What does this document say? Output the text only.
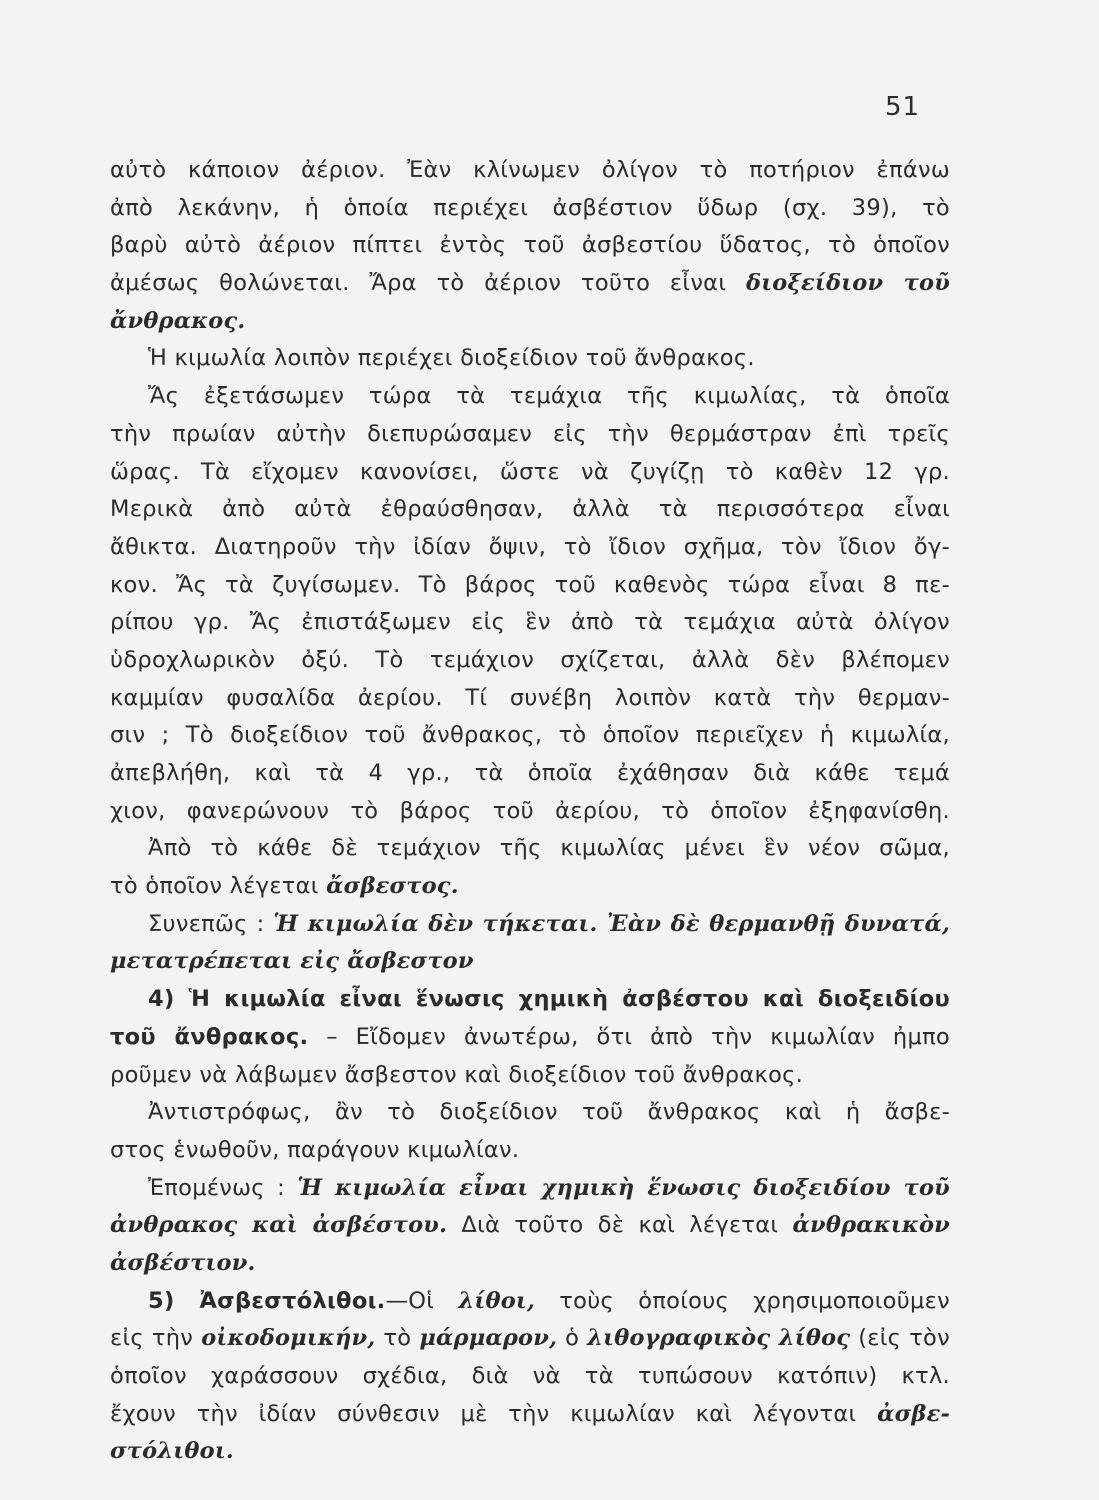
51
αὐτὸ κάποιον ἀέριον. Ἐὰν κλίνωμεν ὀλίγον τὸ ποτήριον ἐπάνω
ἀπὸ λεκάνην, ἡ ὁποία περιέχει ἀσβέστιον ὕδωρ (σχ. 39), τὸ
βαρὺ αὐτὸ ἀέριον πίπτει ἐντὸς τοῦ ἀσβεστίου ὕδατος, τὸ ὁποῖον
ἀμέσως θολώνεται. Ἄρα τὸ ἀέριον τοῦτο εἶναι διοξείδιον τοῦ
ἄνθρακος.
Ἡ κιμωλία λοιπὸν περιέχει διοξείδιον τοῦ ἄνθρακος.
Ἄς ἐξετάσωμεν τώρα τὰ τεμάχια τῆς κιμωλίας, τὰ ὁποῖα
τὴν πρωίαν αὐτὴν διεπυρώσαμεν εἰς τὴν θερμάστραν ἐπὶ τρεῖς
ὥρας. Τὰ εἴχομεν κανονίσει, ὥστε νὰ ζυγίζῃ τὸ καθὲν 12 γρ.
Μερικὰ ἀπὸ αὐτὰ ἐθραύσθησαν, ἀλλὰ τὰ περισσότερα εἶναι
ἄθικτα. Διατηροῦν τὴν ἰδίαν ὄψιν, τὸ ἴδιον σχῆμα, τὸν ἴδιον ὄγ-
κον. Ἄς τὰ ζυγίσωμεν. Τὸ βάρος τοῦ καθενὸς τώρα εἶναι 8 πε-
ρίπου γρ. Ἄς ἐπιστάξωμεν εἰς ἓν ἀπὸ τὰ τεμάχια αὐτὰ ὀλίγον
ὑδροχλωρικὸν ὀξύ. Τὸ τεμάχιον σχίζεται, ἀλλὰ δὲν βλέπομεν
καμμίαν φυσαλίδα ἀερίου. Τί συνέβη λοιπὸν κατὰ τὴν θερμαν-
σιν ; Τὸ διοξείδιον τοῦ ἄνθρακος, τὸ ὁποῖον περιεῖχεν ἡ κιμωλία,
ἀπεβλήθη, καὶ τὰ 4 γρ., τὰ ὁποῖα ἐχάθησαν διὰ κάθε τεμά
χιον, φανερώνουν τὸ βάρος τοῦ ἀερίου, τὸ ὁποῖον ἐξηφανίσθη.
Ἀπὸ τὸ κάθε δὲ τεμάχιον τῆς κιμωλίας μένει ἓν νέον σῶμα,
τὸ ὁποῖον λέγεται ἄσβεστος.
Συνεπῶς : Ἡ κιμωλία δὲν τήκεται. Ἐὰν δὲ θερμανθῇ δυνατά,
μετατρέπεται εἰς ἄσβεστον
4) Ἡ κιμωλία εἶναι ἕνωσις χημικὴ ἀσβέστου καὶ διοξειδίου
τοῦ ἄνθρακος. – Εἴδομεν ἀνωτέρω, ὅτι ἀπὸ τὴν κιμωλίαν ἠμπο
ροῦμεν νὰ λάβωμεν ἄσβεστον καὶ διοξείδιον τοῦ ἄνθρακος.
Ἀντιστρόφως, ἂν τὸ διοξείδιον τοῦ ἄνθρακος καὶ ἡ ἄσβε-
στος ἑνωθοῦν, παράγουν κιμωλίαν.
Ἐπομένως : Ἡ κιμωλία εἶναι χημικὴ ἕνωσις διοξειδίου τοῦ
ἀνθρακος καὶ ἀσβέστου. Διὰ τοῦτο δὲ καὶ λέγεται ἀνθρακικὸν
ἀσβέστιον.
5) Ἀσβεστόλιθοι.—Οἱ λίθοι, τοὺς ὁποίους χρησιμοποιοῦμεν
εἰς τὴν οἰκοδομικήν, τὸ μάρμαρον, ὁ λιθογραφικὸς λίθος (εἰς τὸν
ὁποῖον χαράσσουν σχέδια, διὰ νὰ τὰ τυπώσουν κατόπιν) κτλ.
ἔχουν τὴν ἰδίαν σύνθεσιν μὲ τὴν κιμωλίαν καὶ λέγονται ἀσβε-
στόλιθοι.
